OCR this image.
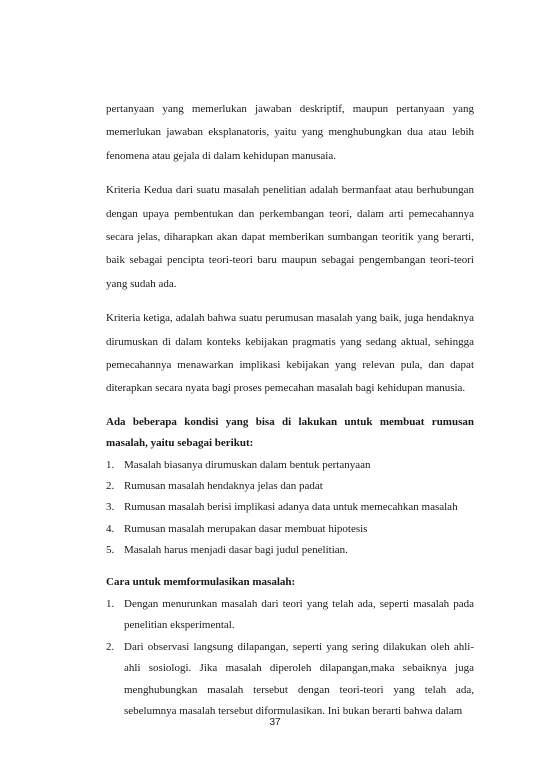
pertanyaan yang memerlukan jawaban deskriptif, maupun pertanyaan yang memerlukan jawaban eksplanatoris, yaitu yang menghubungkan dua atau lebih fenomena atau gejala di dalam kehidupan manusaia.

Kriteria Kedua dari suatu masalah penelitian adalah bermanfaat atau berhubungan dengan upaya pembentukan dan perkembangan teori, dalam arti pemecahannya secara jelas, diharapkan akan dapat memberikan sumbangan teoritik yang berarti, baik sebagai pencipta teori-teori baru maupun sebagai pengembangan teori-teori yang sudah ada.

Kriteria ketiga, adalah bahwa suatu perumusan masalah yang baik, juga hendaknya dirumuskan di dalam konteks kebijakan pragmatis yang sedang aktual, sehingga pemecahannya menawarkan implikasi kebijakan yang relevan pula, dan dapat diterapkan secara nyata bagi proses pemecahan masalah bagi kehidupan manusia.

Ada beberapa kondisi yang bisa di lakukan untuk membuat rumusan masalah, yaitu sebagai berikut:

1. Masalah biasanya dirumuskan dalam bentuk pertanyaan
2. Rumusan masalah hendaknya jelas dan padat
3. Rumusan masalah berisi implikasi adanya data untuk memecahkan masalah
4. Rumusan masalah merupakan dasar membuat hipotesis
5. Masalah harus menjadi dasar bagi judul penelitian.

Cara untuk memformulasikan masalah:

1. Dengan menurunkan masalah dari teori yang telah ada, seperti masalah pada penelitian eksperimental.
2. Dari observasi langsung dilapangan, seperti yang sering dilakukan oleh ahli-ahli sosiologi. Jika masalah diperoleh dilapangan,maka sebaiknya juga menghubungkan masalah tersebut dengan teori-teori yang telah ada, sebelumnya masalah tersebut diformulasikan. Ini bukan berarti bahwa dalam
37
